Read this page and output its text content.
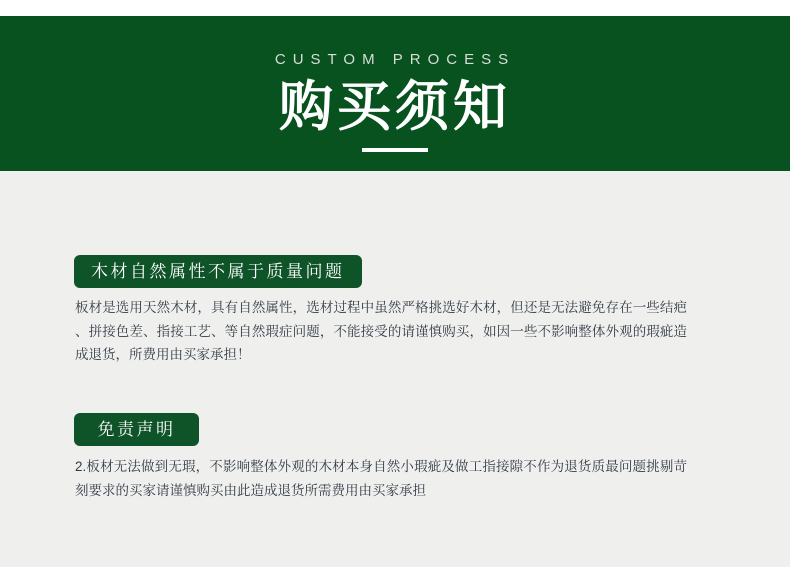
CUSTOM PROCESS
购买须知
木材自然属性不属于质量问题

板材是选用天然木材，具有自然属性，选材过程中虽然严格挑选好木材，但还是无法避免存在一些结疤、拼接色差、指接工艺、等自然瑕症问题，不能接受的请谨慎购买，如因一些不影响整体外观的瑕疵造成退货，所费用由买家承担！

免责声明

2.板材无法做到无瑕，不影响整体外观的木材本身自然小瑕疵及做工指接隙不作为退货质最问题挑剔苛刻要求的买家请谨慎购买由此造成退货所需费用由买家承担
